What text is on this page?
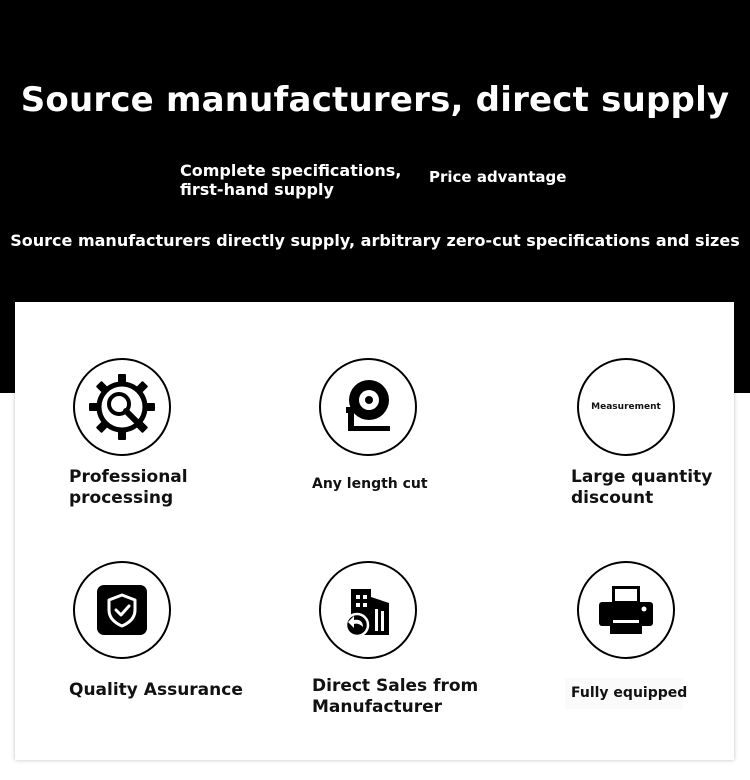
Source manufacturers, direct supply
Complete specifications, first-hand supply
Price advantage
Source manufacturers directly supply, arbitrary zero-cut specifications and sizes
Professional processing
Any length cut
Measurement
Large quantity discount
Quality Assurance	Direct Sales from Manufacturer
Fully equipped
